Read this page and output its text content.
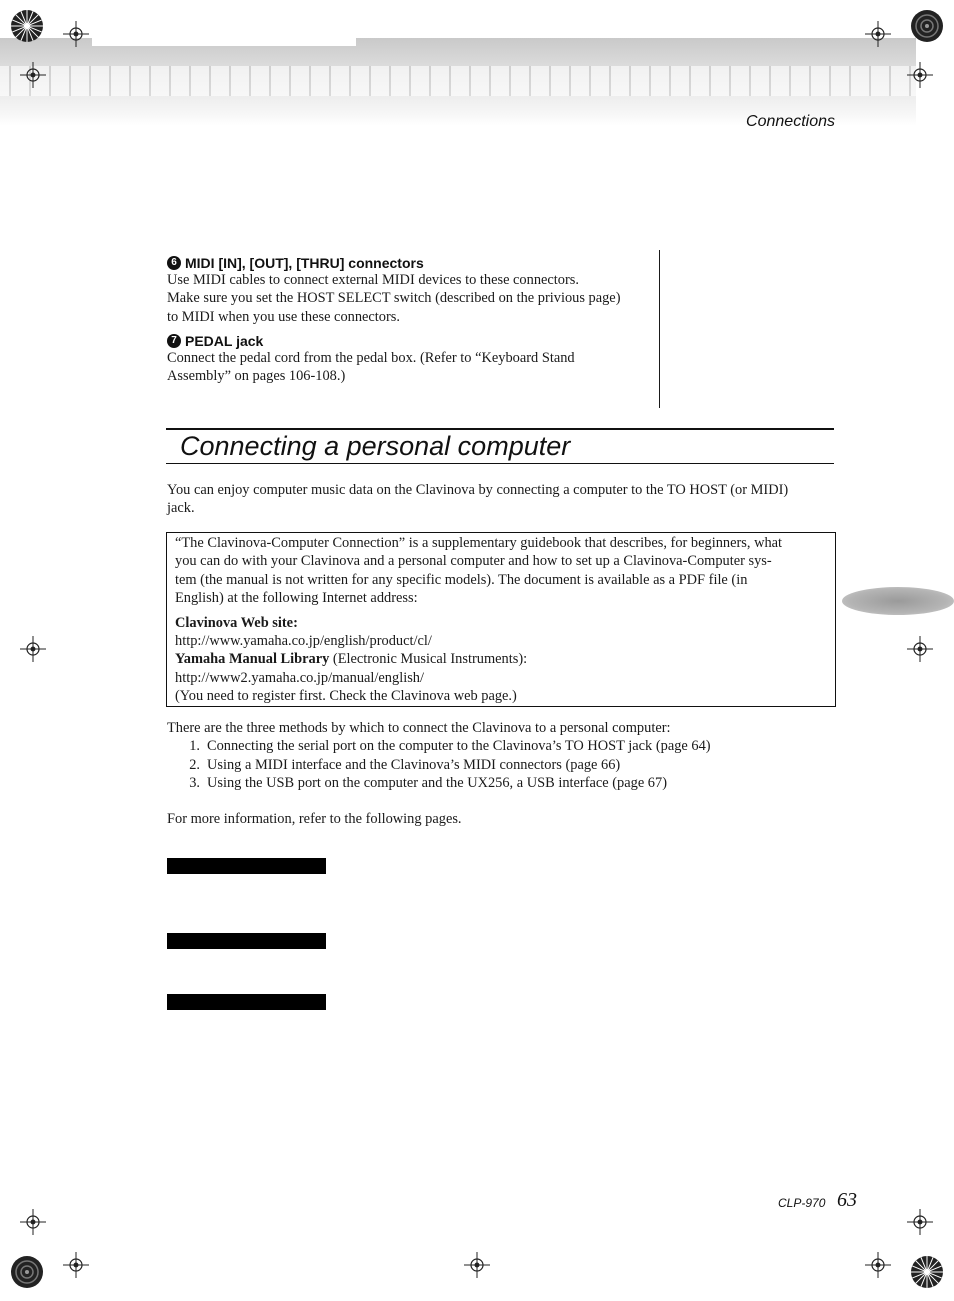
Connections
6 MIDI [IN], [OUT], [THRU] connectors
Use MIDI cables to connect external MIDI devices to these connectors.
Make sure you set the HOST SELECT switch (described on the privious page)
to MIDI when you use these connectors.
7 PEDAL jack
Connect the pedal cord from the pedal box. (Refer to “Keyboard Stand
Assembly” on pages 106-108.)
Connecting a personal computer
You can enjoy computer music data on the Clavinova by connecting a computer to the TO HOST (or MIDI)
jack.
“The Clavinova-Computer Connection” is a supplementary guidebook that describes, for beginners, what
you can do with your Clavinova and a personal computer and how to set up a Clavinova-Computer sys-
tem (the manual is not written for any specific models). The document is available as a PDF file (in
English) at the following Internet address:
Clavinova Web site:
http://www.yamaha.co.jp/english/product/cl/
Yamaha Manual Library (Electronic Musical Instruments):
http://www2.yamaha.co.jp/manual/english/
(You need to register first. Check the Clavinova web page.)
There are the three methods by which to connect the Clavinova to a personal computer:
1. Connecting the serial port on the computer to the Clavinova’s TO HOST jack (page 64)
2. Using a MIDI interface and the Clavinova’s MIDI connectors (page 66)
3. Using the USB port on the computer and the UX256, a USB interface (page 67)
For more information, refer to the following pages.
CLP-970 63
